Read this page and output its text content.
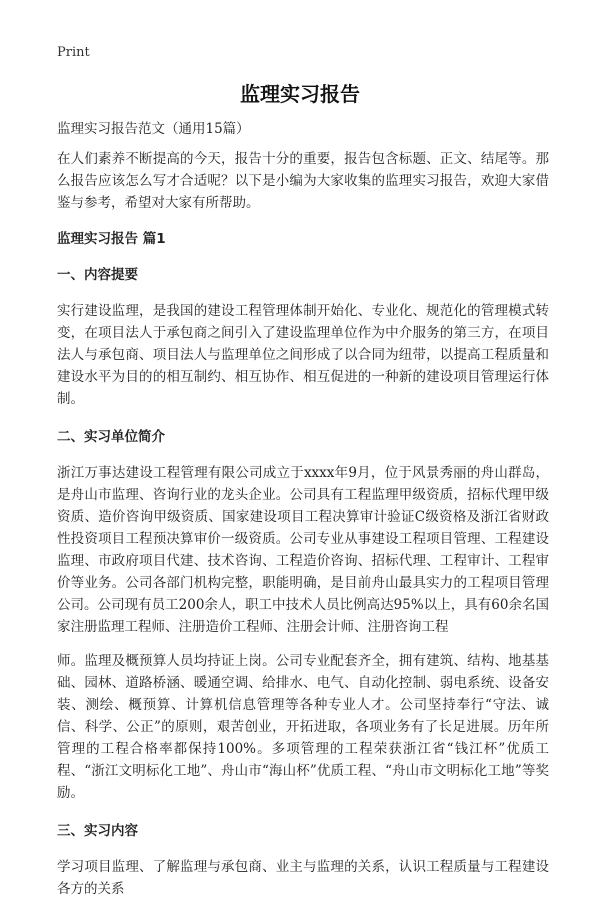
Print
监理实习报告
监理实习报告范文（通用15篇）

在人们素养不断提高的今天，报告十分的重要，报告包含标题、正文、结尾等。那么报告应该怎么写才合适呢？以下是小编为大家收集的监理实习报告，欢迎大家借鉴与参考，希望对大家有所帮助。

监理实习报告 篇1
一、内容提要

实行建设监理，是我国的建设工程管理体制开始化、专业化、规范化的管理模式转变，在项目法人于承包商之间引入了建设监理单位作为中介服务的第三方，在项目法人与承包商、项目法人与监理单位之间形成了以合同为纽带，以提高工程质量和建设水平为目的的相互制约、相互协作、相互促进的一种新的建设项目管理运行体制。

二、实习单位简介

浙江万事达建设工程管理有限公司成立于xxxx年9月，位于风景秀丽的舟山群岛，是舟山市监理、咨询行业的龙头企业。公司具有工程监理甲级资质，招标代理甲级资质、造价咨询甲级资质、国家建设项目工程决算审计验证C级资格及浙江省财政性投资项目工程预决算审价一级资质。公司专业从事建设工程项目管理、工程建设监理、市政府项目代建、技术咨询、工程造价咨询、招标代理、工程审计、工程审价等业务。公司各部门机构完整，职能明确，是目前舟山最具实力的工程项目管理公司。公司现有员工200余人，职工中技术人员比例高达95%以上，具有60余名国家注册监理工程师、注册造价工程师、注册会计师、注册咨询工程

师。监理及概预算人员均持证上岗。公司专业配套齐全，拥有建筑、结构、地基基础、园林、道路桥涵、暖通空调、给排水、电气、自动化控制、弱电系统、设备安装、测绘、概预算、计算机信息管理等各种专业人才。公司坚持奉行“守法、诚信、科学、公正”的原则，艰苦创业，开拓进取，各项业务有了长足进展。历年所管理的工程合格率都保持100%。多项管理的工程荣获浙江省“钱江杯”优质工程、“浙江文明标化工地”、舟山市“海山杯”优质工程、“舟山市文明标化工地”等奖励。

三、实习内容

学习项目监理、了解监理与承包商、业主与监理的关系，认识工程质量与工程建设各方的关系
